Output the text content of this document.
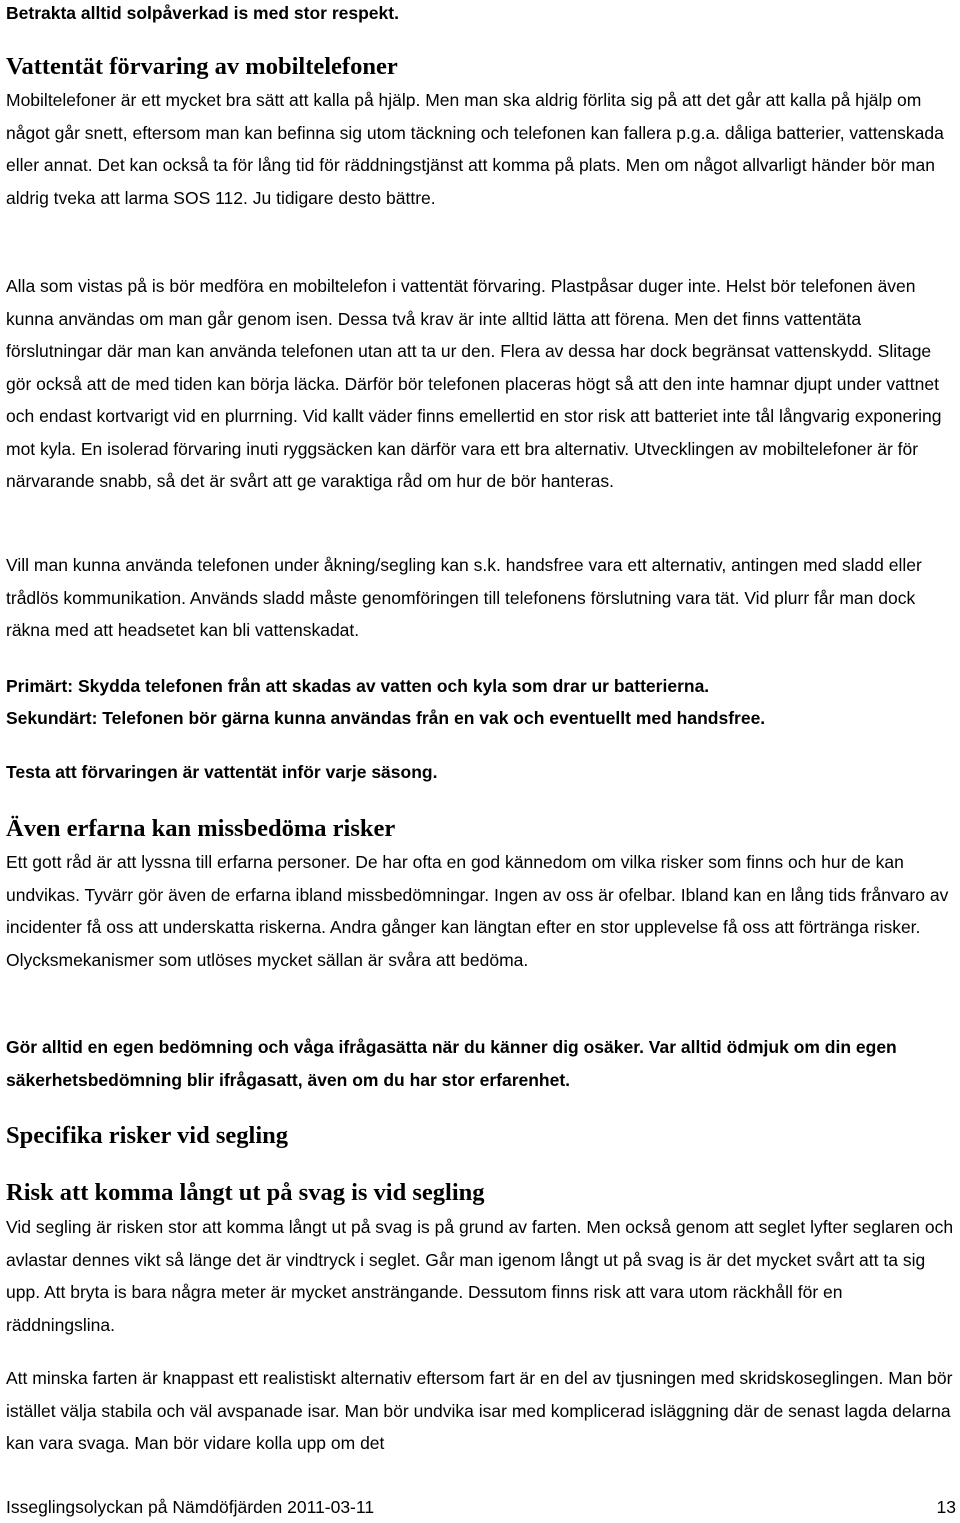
Betrakta alltid solpåverkad is med stor respekt.

Vattentät förvaring av mobiltelefoner

Mobiltelefoner är ett mycket bra sätt att kalla på hjälp. Men man ska aldrig förlita sig på att det går att kalla på hjälp om något går snett, eftersom man kan befinna sig utom täckning och telefonen kan fallera p.g.a. dåliga batterier, vattenskada eller annat. Det kan också ta för lång tid för räddningstjänst att komma på plats. Men om något allvarligt händer bör man aldrig tveka att larma SOS 112. Ju tidigare desto bättre.

Alla som vistas på is bör medföra en mobiltelefon i vattentät förvaring. Plastpåsar duger inte. Helst bör telefonen även kunna användas om man går genom isen. Dessa två krav är inte alltid lätta att förena. Men det finns vattentäta förslutningar där man kan använda telefonen utan att ta ur den. Flera av dessa har dock begränsat vattenskydd. Slitage gör också att de med tiden kan börja läcka. Därför bör telefonen placeras högt så att den inte hamnar djupt under vattnet och endast kortvarigt vid en plurrning. Vid kallt väder finns emellertid en stor risk att batteriet inte tål långvarig exponering mot kyla. En isolerad förvaring inuti ryggsäcken kan därför vara ett bra alternativ. Utvecklingen av mobiltelefoner är för närvarande snabb, så det är svårt att ge varaktiga råd om hur de bör hanteras.

Vill man kunna använda telefonen under åkning/segling kan s.k. handsfree vara ett alternativ, antingen med sladd eller trådlös kommunikation. Används sladd måste genomföringen till telefonens förslutning vara tät. Vid plurr får man dock räkna med att headsetet kan bli vattenskadat.

Primärt: Skydda telefonen från att skadas av vatten och kyla som drar ur batterierna.

Sekundärt: Telefonen bör gärna kunna användas från en vak och eventuellt med handsfree.

Testa att förvaringen är vattentät inför varje säsong.

Även erfarna kan missbedöma risker

Ett gott råd är att lyssna till erfarna personer. De har ofta en god kännedom om vilka risker som finns och hur de kan undvikas. Tyvärr gör även de erfarna ibland missbedömningar. Ingen av oss är ofelbar. Ibland kan en lång tids frånvaro av incidenter få oss att underskatta riskerna. Andra gånger kan längtan efter en stor upplevelse få oss att förtränga risker. Olycksmekanismer som utlöses mycket sällan är svåra att bedöma.

Gör alltid en egen bedömning och våga ifrågasätta när du känner dig osäker. Var alltid ödmjuk om din egen säkerhetsbedömning blir ifrågasatt, även om du har stor erfarenhet.

Specifika risker vid segling
Risk att komma långt ut på svag is vid segling

Vid segling är risken stor att komma långt ut på svag is på grund av farten. Men också genom att seglet lyfter seglaren och avlastar dennes vikt så länge det är vindtryck i seglet. Går man igenom långt ut på svag is är det mycket svårt att ta sig upp. Att bryta is bara några meter är mycket ansträngande. Dessutom finns risk att vara utom räckhåll för en räddningslina.

Att minska farten är knappast ett realistiskt alternativ eftersom fart är en del av tjusningen med skridskoseglingen. Man bör istället välja stabila och väl avspanade isar. Man bör undvika isar med komplicerad isläggning där de senast lagda delarna kan vara svaga. Man bör vidare kolla upp om det

Isseglingsolyckan på Nämdöfjärden 2011-03-11	13
